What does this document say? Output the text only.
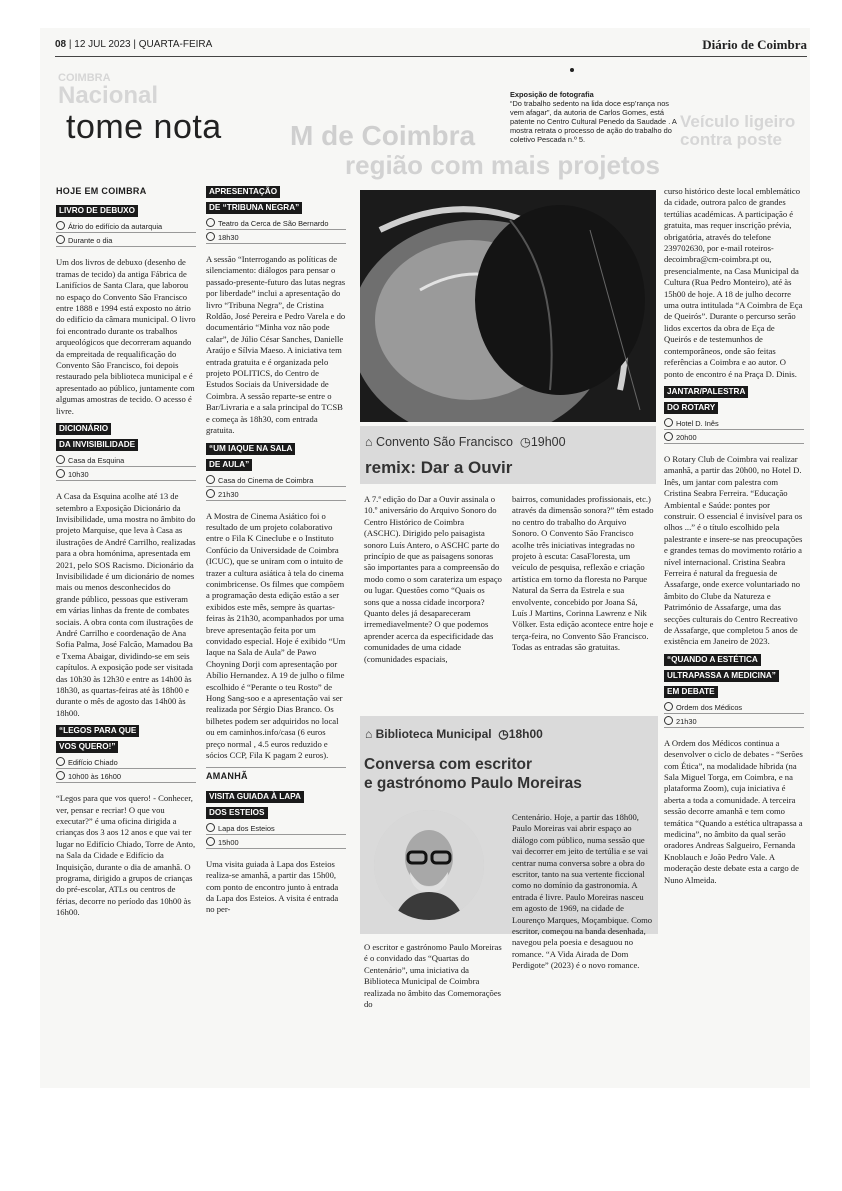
08 | 12 JUL 2023 | QUARTA-FEIRA	Diário de Coimbra
COIMBRA
Nacional
Veículo ligeiro
contra poste
M de Coimbra
região com mais projetos
tome nota
Exposição de fotografia
“Do trabalho sedento na lida doce esp’rança nos vem afagar”, da autoria de Carlos Gomes, está patente no Centro Cultural Penedo da Saudade . A mostra retrata o processo de ação do trabalho do coletivo Pescada n.º 5.
HOJE EM COIMBRA
LIVRO DE DEBUXO
Átrio do edifício da autarquia
Durante o dia

Um dos livros de debuxo (desenho de tramas de tecido) da antiga Fábrica de Lanifícios de Santa Clara, que laborou no espaço do Convento São Francisco entre 1888 e 1994 está exposto no átrio do edifício da câmara municipal. O livro foi encontrado durante os trabalhos arqueológicos que decorreram aquando da empreitada de requalificação do Convento São Francisco, foi depois restaurado pela biblioteca municipal e é apresentado ao público, juntamente com algumas amostras de tecido. O acesso é livre.

DICIONÁRIO
DA INVISIBILIDADE
Casa da Esquina
10h30

A Casa da Esquina acolhe até 13 de setembro a Exposição Dicionário da Invisibilidade, uma mostra no âmbito do projeto Marquise, que leva à Casa as ilustrações de André Carrilho, realizadas para a obra homónima, apresentada em 2021, pelo SOS Racismo. Dicionário da Invisibilidade é um dicionário de nomes mais ou menos desconhecidos do grande público, pessoas que estiveram em várias linhas da frente de combates sociais. A obra conta com ilustrações de André Carrilho e coordenação de Ana Sofia Palma, José Falcão, Mamadou Ba e Txema Abaigar, dividindo-se em seis capítulos. A exposição pode ser visitada das 10h30 às 12h30 e entre as 14h00 às 18h30, as quartas-feiras até às 18h00 e durante o mês de agosto das 14h00 às 18h00.

“LEGOS PARA QUE
VOS QUERO!”
Edifício Chiado
10h00 às 16h00

“Legos para que vos quero! - Conhecer, ver, pensar e recriar! O que vou executar?” é uma oficina dirigida a crianças dos 3 aos 12 anos e que vai ter lugar no Edifício Chiado, Torre de Anto, na Sala da Cidade e Edifício da Inquisição, durante o dia de amanhã. O programa, dirigido a grupos de crianças do pré-escolar, ATLs ou centros de férias, decorre no período das 10h00 às 16h00.

APRESENTAÇÃO
DE “TRIBUNA NEGRA”
Teatro da Cerca de São Bernardo
18h30

A sessão “Interrogando as políticas de silenciamento: diálogos para pensar o passado-presente-futuro das lutas negras por liberdade” inclui a apresentação do livro “Tribuna Negra”, de Cristina Roldão, José Pereira e Pedro Varela e do documentário “Minha voz não pode calar”, de Júlio César Sanches, Danielle Araújo e Sílvia Maeso. A iniciativa tem entrada gratuita e é organizada pelo projeto POLITICS, do Centro de Estudos Sociais da Universidade de Coimbra. A sessão reparte-se entre o Bar/Livraria e a sala principal do TCSB e começa às 18h30, com entrada gratuita.

“UM IAQUE NA SALA
DE AULA”
Casa do Cinema de Coimbra
21h30

A Mostra de Cinema Asiático foi o resultado de um projeto colaborativo entre o Fila K Cineclube e o Instituto Confúcio da Universidade de Coimbra (ICUC), que se uniram com o intuito de trazer a cultura asiática à tela do cinema conimbricense. Os filmes que compõem a programação desta edição estão a ser exibidos este mês, sempre às quartas-feiras às 21h30, acompanhados por uma breve apresentação feita por um convidado especial. Hoje é exibido “Um Iaque na Sala de Aula” de Pawo Choyning Dorji com apresentação por Abílio Hernandez. A 19 de julho o filme escolhido é “Perante o teu Rosto” de Hong Sang-soo e a apresentação vai ser realizada por Sérgio Dias Branco. Os bilhetes podem ser adquiridos no local ou em caminhos.info/casa (6 euros preço normal , 4.5 euros reduzido e sócios CCP, Fila K pagam 2 euros).

AMANHÃ
VISITA GUIADA À LAPA
DOS ESTEIOS
Lapa dos Esteios
15h00

Uma visita guiada à Lapa dos Esteios realiza-se amanhã, a partir das 15h00, com ponto de encontro junto à entrada da Lapa dos Esteios. A visita é entrada no per-

⌂ Convento São Francisco ◷19h00
remix: Dar a Ouvir

A 7.ª edição do Dar a Ouvir assinala o 10.º aniversário do Arquivo Sonoro do Centro Histórico de Coimbra (ASCHC). Dirigido pelo paisagista sonoro Luís Antero, o ASCHC parte do princípio de que as paisagens sonoras são importantes para a compreensão do modo como o som carateriza um espaço ou lugar. Questões como “Quais os sons que a nossa cidade incorpora? Quanto deles já desapareceram irremediavelmente? O que podemos aprender acerca da especificidade das comunidades de uma cidade (comunidades espaciais,

bairros, comunidades profissionais, etc.) através da dimensão sonora?” têm estado no centro do trabalho do Arquivo Sonoro. O Convento São Francisco acolhe três iniciativas integradas no projeto à escuta: CasaFloresta, um veículo de pesquisa, reflexão e criação artística em torno da floresta no Parque Natural da Serra da Estrela e sua envolvente, concebido por Joana Sá, Luís J Martins, Corinna Lawrenz e Nik Völker. Esta edição acontece entre hoje e terça-feira, no Convento São Francisco. Todas as entradas são gratuitas.

⌂ Biblioteca Municipal ◷18h00
Conversa com escritor
e gastrónomo Paulo Moreiras

O escritor e gastrónomo Paulo Moreiras é o convidado das “Quartas do Centenário”, uma iniciativa da Biblioteca Municipal de Coimbra realizada no âmbito das Comemorações do

Centenário. Hoje, a partir das 18h00, Paulo Moreiras vai abrir espaço ao diálogo com público, numa sessão que vai decorrer em jeito de tertúlia e se vai centrar numa conversa sobre a obra do escritor, tanto na sua vertente ficcional como no domínio da gastronomia. A entrada é livre. Paulo Moreiras nasceu em agosto de 1969, na cidade de Lourenço Marques, Moçambique. Como escritor, começou na banda desenhada, navegou pela poesia e desaguou no romance. “A Vida Airada de Dom Perdigote” (2023) é o novo romance.

curso histórico deste local emblemático da cidade, outrora palco de grandes tertúlias académicas. A participação é gratuita, mas requer inscrição prévia, obrigatória, através do telefone 239702630, por e-mail roteiros-decoimbra@cm-coimbra.pt ou, presencialmente, na Casa Municipal da Cultura (Rua Pedro Monteiro), até às 15h00 de hoje. A 18 de julho decorre uma outra intitulada “A Coimbra de Eça de Queirós”. Durante o percurso serão lidos excertos da obra de Eça de Queirós e de testemunhos de contemporâneos, onde são feitas referências a Coimbra e ao autor. O ponto de encontro é na Praça D. Dinis.

JANTAR/PALESTRA
DO ROTARY
Hotel D. Inês
20h00

O Rotary Club de Coimbra vai realizar amanhã, a partir das 20h00, no Hotel D. Inês, um jantar com palestra com Cristina Seabra Ferreira. “Educação Ambiental e Saúde: pontes por construir. O essencial é invisível para os olhos ...” é o título escolhido pela palestrante e insere-se nas preocupações e grandes temas do movimento rotário a nível internacional. Cristina Seabra Ferreira é natural da freguesia de Assafarge, onde exerce voluntariado no âmbito do Clube da Natureza e Património de Assafarge, uma das secções culturais do Centro Recreativo de Assafarge, que completou 5 anos de existência em Janeiro de 2023.

“QUANDO A ESTÉTICA
ULTRAPASSA A MEDICINA”
EM DEBATE
Ordem dos Médicos
21h30

A Ordem dos Médicos continua a desenvolver o ciclo de debates - “Serões com Ética”, na modalidade híbrida (na Sala Miguel Torga, em Coimbra, e na plataforma Zoom), cuja iniciativa é aberta a toda a comunidade. A terceira sessão decorre amanhã e tem como temática “Quando a estética ultrapassa a medicina”, no âmbito da qual serão oradores Andreas Salgueiro, Fernanda Knoblauch e João Pedro Vale. A moderação deste debate esta a cargo de Nuno Almeida.
